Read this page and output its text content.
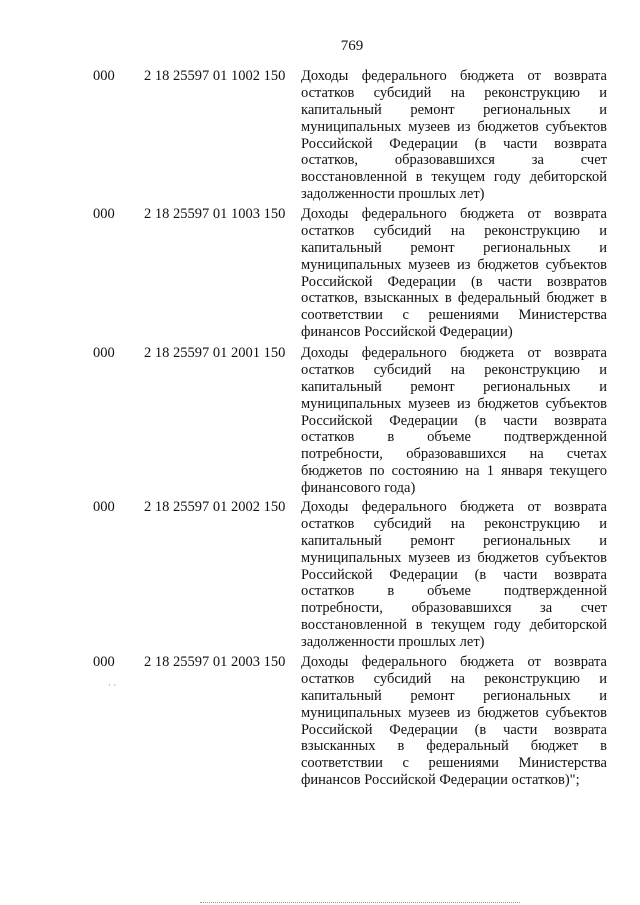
769
000 2 18 25597 01 1002 150 Доходы федерального бюджета от возврата
остатков субсидий на реконструкцию и
капитальный ремонт региональных и
муниципальных музеев из бюджетов субъектов
Российской Федерации (в части возврата
остатков, образовавшихся за счет
восстановленной в текущем году дебиторской
задолженности прошлых лет)
000 2 18 25597 01 1003 150 Доходы федерального бюджета от возврата
остатков субсидий на реконструкцию и
капитальный ремонт региональных и
муниципальных музеев из бюджетов субъектов
Российской Федерации (в части возвратов
остатков, взысканных в федеральный бюджет в
соответствии с решениями Министерства
финансов Российской Федерации)
000 2 18 25597 01 2001 150 Доходы федерального бюджета от возврата
остатков субсидий на реконструкцию и
капитальный ремонт региональных и
муниципальных музеев из бюджетов субъектов
Российской Федерации (в части возврата
остатков в объеме подтвержденной
потребности, образовавшихся на счетах
бюджетов по состоянию на 1 января текущего
финансового года)
000 2 18 25597 01 2002 150 Доходы федерального бюджета от возврата
остатков субсидий на реконструкцию и
капитальный ремонт региональных и
муниципальных музеев из бюджетов субъектов
Российской Федерации (в части возврата
остатков в объеме подтвержденной
потребности, образовавшихся за счет
восстановленной в текущем году дебиторской
задолженности прошлых лет)
000 2 18 25597 01 2003 150 Доходы федерального бюджета от возврата
остатков субсидий на реконструкцию и
капитальный ремонт региональных и
муниципальных музеев из бюджетов субъектов
Российской Федерации (в части возврата
взысканных в федеральный бюджет в
соответствии с решениями Министерства
финансов Российской Федерации остатков)";
· ·
